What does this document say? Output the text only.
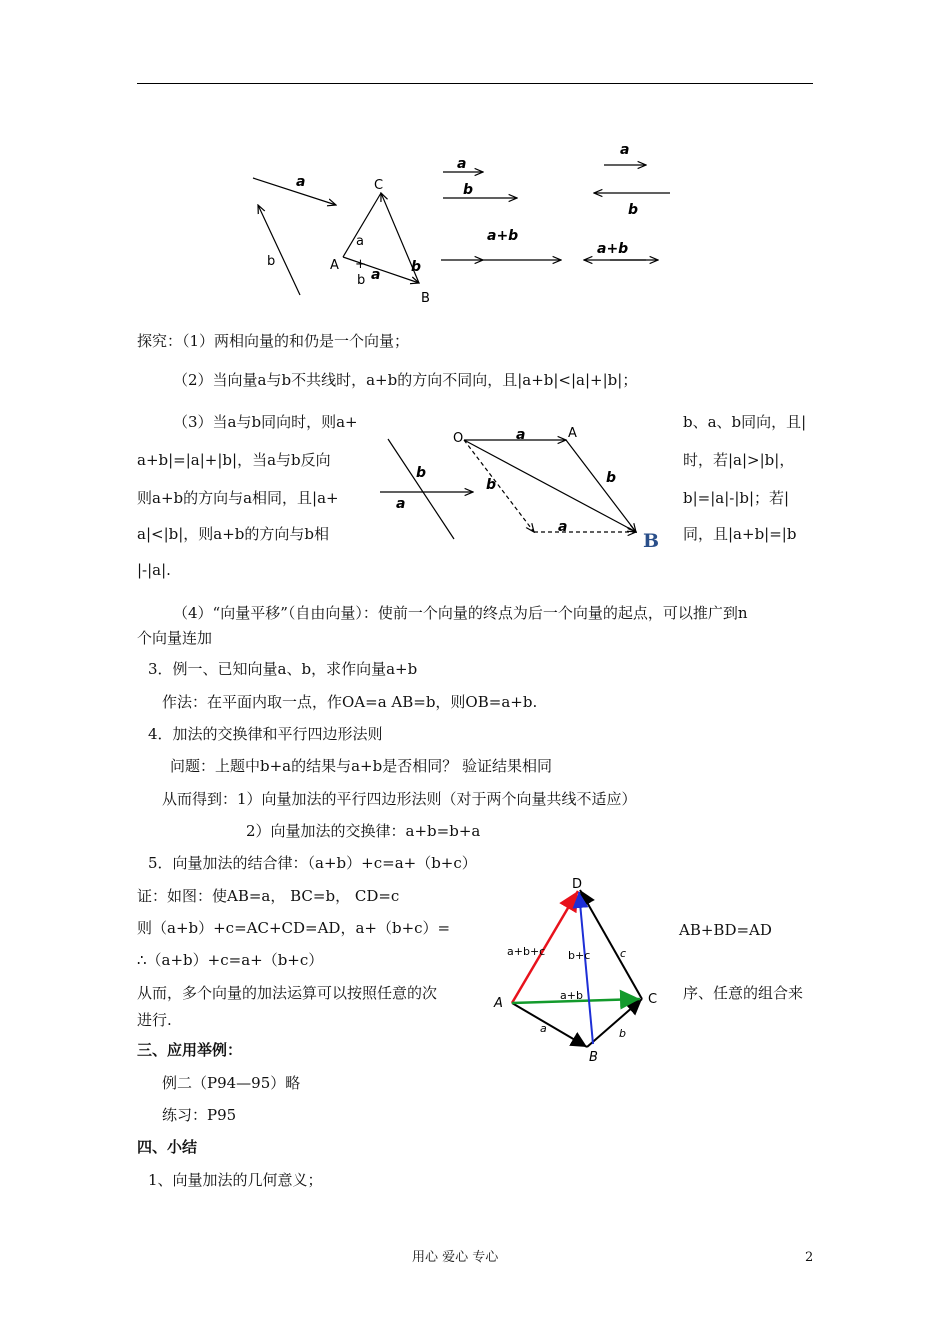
a
b
C
A
B
a
+
b a b
a
b
a+b
a
b
a+b
探究：（1）两相向量的和仍是一个向量；
（2）当向量a与b不共线时，a+b的方向不同向，且|a+b|<|a|+|b|；
（3）当a与b同向时，则a+
a+b|=|a|+|b|，当a与b反向
则a+b的方向与a相同，且|a+
a|<|b|，则a+b的方向与b相
|-|a|.
b、a、b同向，且|
时，若|a|>|b|，
b|=|a|-|b|；若|
同，且|a+b|=|b
b
a
O	A
a
b	b
a
B
（4）“向量平移”（自由向量）：使前一个向量的终点为后一个向量的起点，可以推广到n
个向量连加
3．例一、已知向量a、b，求作向量a+b
作法：在平面内取一点，作OA=a AB=b，则OB=a+b.
4．加法的交换律和平行四边形法则
问题：上题中b+a的结果与a+b是否相同？ 验证结果相同
从而得到：1）向量加法的平行四边形法则（对于两个向量共线不适应）
2）向量加法的交换律：a+b=b+a
5．向量加法的结合律：（a+b）+c=a+（b+c）
证：如图：使AB=a， BC=b， CD=c
则（a+b）+c=AC+CD=AD，a+（b+c）=	AB+BD=AD
∴（a+b）+c=a+（b+c）
从而，多个向量的加法运算可以按照任意的次	序、任意的组合来
进行.
D
A
B
C
a+b+c b+c	c
a+b
a	b
三、应用举例：
例二（P94—95）略
练习：P95
四、小结
1、向量加法的几何意义；
用心 爱心 专心	2
